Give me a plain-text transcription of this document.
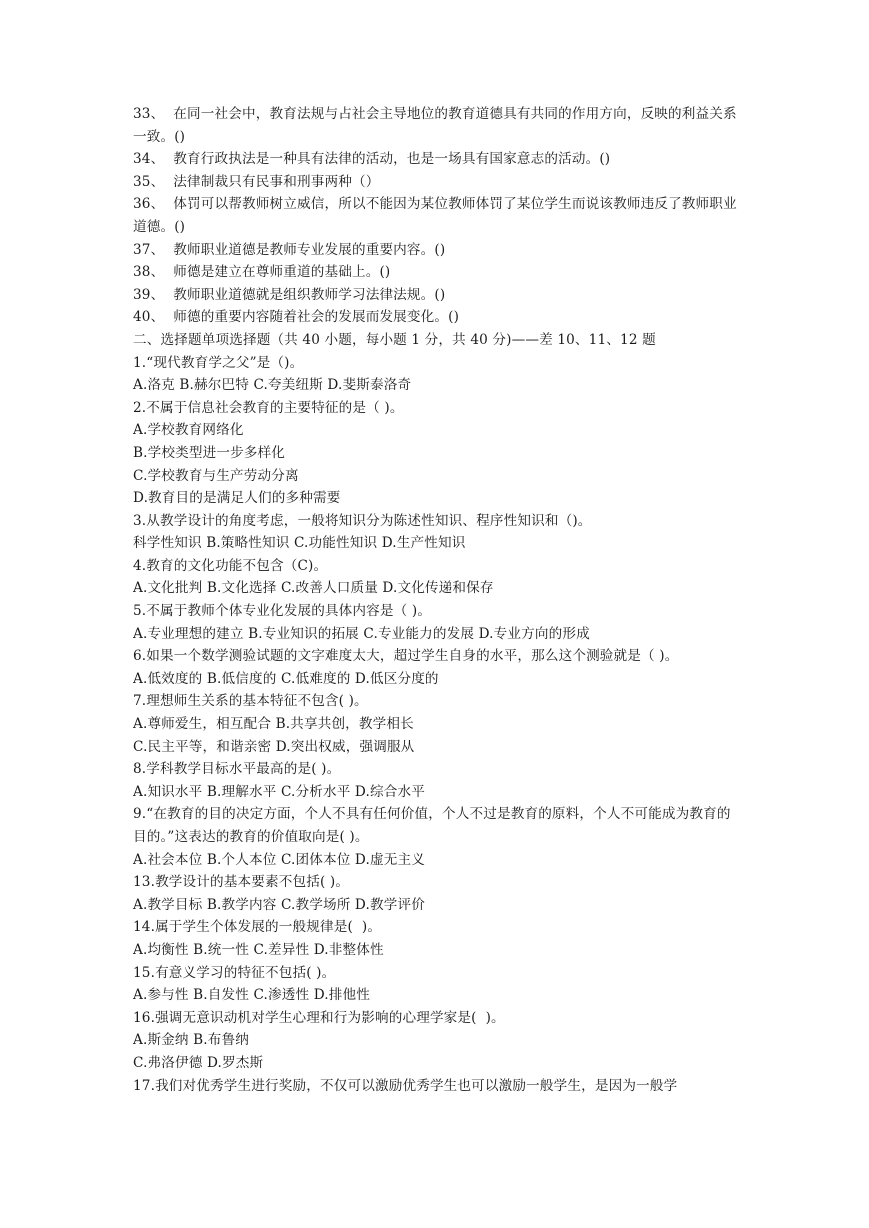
33、  在同一社会中，教育法规与占社会主导地位的教育道德具有共同的作用方向，反映的利益关系一致。()
34、  教育行政执法是一种具有法律的活动，也是一场具有国家意志的活动。()
35、  法律制裁只有民事和刑事两种（）
36、  体罚可以帮教师树立威信，所以不能因为某位教师体罚了某位学生而说该教师违反了教师职业道德。()
37、  教师职业道德是教师专业发展的重要内容。()
38、  师德是建立在尊师重道的基础上。()
39、  教师职业道德就是组织教师学习法律法规。()
40、  师德的重要内容随着社会的发展而发展变化。()
二、选择题单项选择题（共 40 小题，每小题 1 分，共 40 分)——差 10、11、12 题
1.“现代教育学之父”是（)。
A.洛克 B.赫尔巴特 C.夸美纽斯 D.斐斯泰洛奇
2.不属于信息社会教育的主要特征的是（ )。
A.学校教育网络化
B.学校类型进一步多样化
C.学校教育与生产劳动分离
D.教育目的是满足人们的多种需要
3.从教学设计的角度考虑，一般将知识分为陈述性知识、程序性知识和（)。
科学性知识 B.策略性知识 C.功能性知识 D.生产性知识
4.教育的文化功能不包含（C)。
A.文化批判 B.文化选择 C.改善人口质量 D.文化传递和保存
5.不属于教师个体专业化发展的具体内容是（ )。
A.专业理想的建立 B.专业知识的拓展 C.专业能力的发展 D.专业方向的形成
6.如果一个数学测验试题的文字难度太大，超过学生自身的水平，那么这个测验就是（ )。
A.低效度的 B.低信度的 C.低难度的 D.低区分度的
7.理想师生关系的基本特征不包含( )。
A.尊师爱生，相互配合 B.共享共创，教学相长
C.民主平等，和谐亲密 D.突出权威，强调服从
8.学科教学目标水平最高的是( )。
A.知识水平 B.理解水平 C.分析水平 D.综合水平
9.“在教育的目的决定方面，个人不具有任何价值，个人不过是教育的原料，个人不可能成为教育的目的。”这表达的教育的价值取向是( )。
A.社会本位 B.个人本位 C.团体本位 D.虚无主义
13.教学设计的基本要素不包括( )。
A.教学目标 B.教学内容 C.教学场所 D.教学评价
14.属于学生个体发展的一般规律是(  )。
A.均衡性 B.统一性 C.差异性 D.非整体性
15.有意义学习的特征不包括( )。
A.参与性 B.自发性 C.渗透性 D.排他性
16.强调无意识动机对学生心理和行为影响的心理学家是(  )。
A.斯金纳 B.布鲁纳
C.弗洛伊德 D.罗杰斯
17.我们对优秀学生进行奖励，不仅可以激励优秀学生也可以激励一般学生，是因为一般学
